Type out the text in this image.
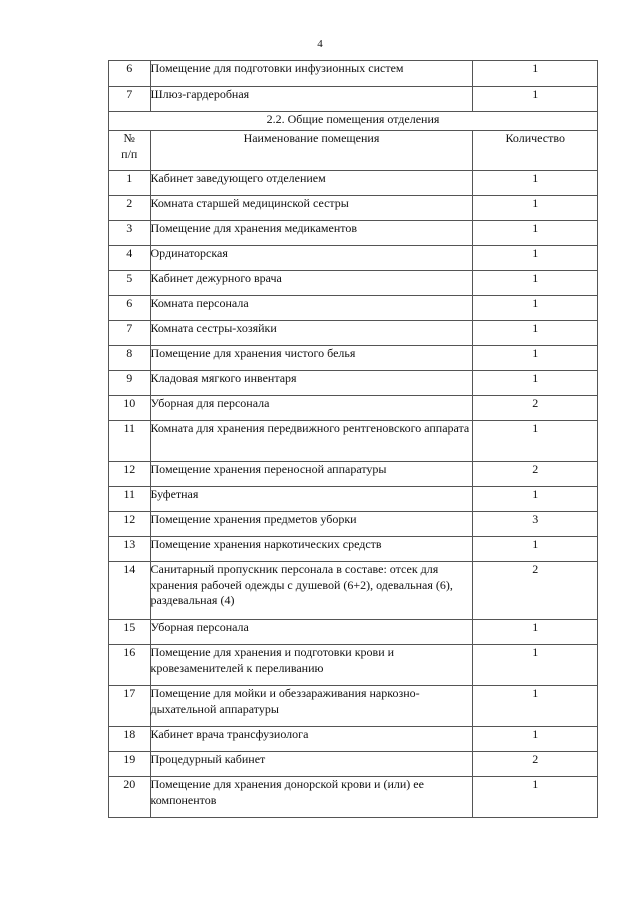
4
6	Помещение для подготовки инфузионных систем	1
7	Шлюз-гардеробная	1
2.2. Общие помещения отделения		

№
п/п	Наименование помещения	Количество
1	Кабинет заведующего отделением	1
2	Комната старшей медицинской сестры	1
3	Помещение для хранения медикаментов	1
4	Ординаторская	1
5	Кабинет дежурного врача	1
6	Комната персонала	1
7	Комната сестры-хозяйки	1
8	Помещение для хранения чистого белья	1
9	Кладовая мягкого инвентаря	1
10	Уборная для персонала	2
11	Комната для хранения передвижного рентгеновского аппарата	1
12	Помещение хранения переносной аппаратуры	2
11	Буфетная	1
12	Помещение хранения предметов уборки	3
13	Помещение хранения наркотических средств	1
14	Санитарный пропускник персонала в составе: отсек для хранения рабочей одежды с душевой (6+2), одевальная (6), раздевальная (4)	2
15	Уборная персонала	1
16	Помещение для хранения и подготовки крови и кровезаменителей к переливанию	1
17	Помещение для мойки и обеззараживания наркозно-дыхательной аппаратуры	1
18	Кабинет врача трансфузиолога	1
19	Процедурный кабинет	2
20	Помещение для хранения донорской крови и (или) ее компонентов	1
